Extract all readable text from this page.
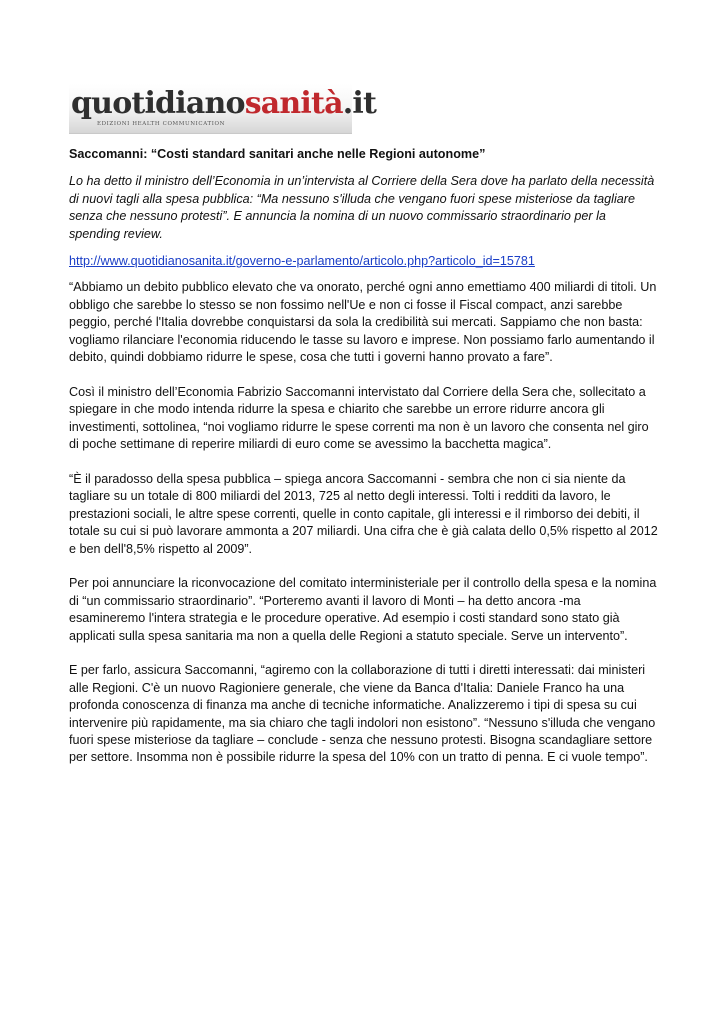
quotidianosanità.it
EDIZIONI HEALTH COMMUNICATION
Saccomanni: “Costi standard sanitari anche nelle Regioni autonome”
Lo ha detto il ministro dell’Economia in un’intervista al Corriere della Sera dove ha parlato della necessità di nuovi tagli alla spesa pubblica: “Ma nessuno s'illuda che vengano fuori spese misteriose da tagliare senza che nessuno protesti”. E annuncia la nomina di un nuovo commissario straordinario per la spending review.
http://www.quotidianosanita.it/governo-e-parlamento/articolo.php?articolo_id=15781
“Abbiamo un debito pubblico elevato che va onorato, perché ogni anno emettiamo 400 miliardi di titoli. Un obbligo che sarebbe lo stesso se non fossimo nell'Ue e non ci fosse il Fiscal compact, anzi sarebbe peggio, perché l'Italia dovrebbe conquistarsi da sola la credibilità sui mercati. Sappiamo che non basta: vogliamo rilanciare l'economia riducendo le tasse su lavoro e imprese. Non possiamo farlo aumentando il debito, quindi dobbiamo ridurre le spese, cosa che tutti i governi hanno provato a fare”.
Così il ministro dell’Economia Fabrizio Saccomanni intervistato dal Corriere della Sera che, sollecitato a spiegare in che modo intenda ridurre la spesa e chiarito che sarebbe un errore ridurre ancora gli investimenti, sottolinea, “noi vogliamo ridurre le spese correnti ma non è un lavoro che consenta nel giro di poche settimane di reperire miliardi di euro come se avessimo la bacchetta magica”.
“È il paradosso della spesa pubblica – spiega ancora Saccomanni - sembra che non ci sia niente da tagliare su un totale di 800 miliardi del 2013, 725 al netto degli interessi. Tolti i redditi da lavoro, le prestazioni sociali, le altre spese correnti, quelle in conto capitale, gli interessi e il rimborso dei debiti, il totale su cui si può lavorare ammonta a 207 miliardi. Una cifra che è già calata dello 0,5% rispetto al 2012 e ben dell'8,5% rispetto al 2009”.
Per poi annunciare la riconvocazione del comitato interministeriale per il controllo della spesa e la nomina di “un commissario straordinario”. “Porteremo avanti il lavoro di Monti – ha detto ancora -ma esamineremo l'intera strategia e le procedure operative. Ad esempio i costi standard sono stato già applicati sulla spesa sanitaria ma non a quella delle Regioni a statuto speciale. Serve un intervento”.
E per farlo, assicura Saccomanni, “agiremo con la collaborazione di tutti i diretti interessati: dai ministeri alle Regioni. C'è un nuovo Ragioniere generale, che viene da Banca d'Italia: Daniele Franco ha una profonda conoscenza di finanza ma anche di tecniche informatiche. Analizzeremo i tipi di spesa su cui intervenire più rapidamente, ma sia chiaro che tagli indolori non esistono”. “Nessuno s'illuda che vengano fuori spese misteriose da tagliare – conclude - senza che nessuno protesti. Bisogna scandagliare settore per settore. Insomma non è possibile ridurre la spesa del 10% con un tratto di penna. E ci vuole tempo”.
